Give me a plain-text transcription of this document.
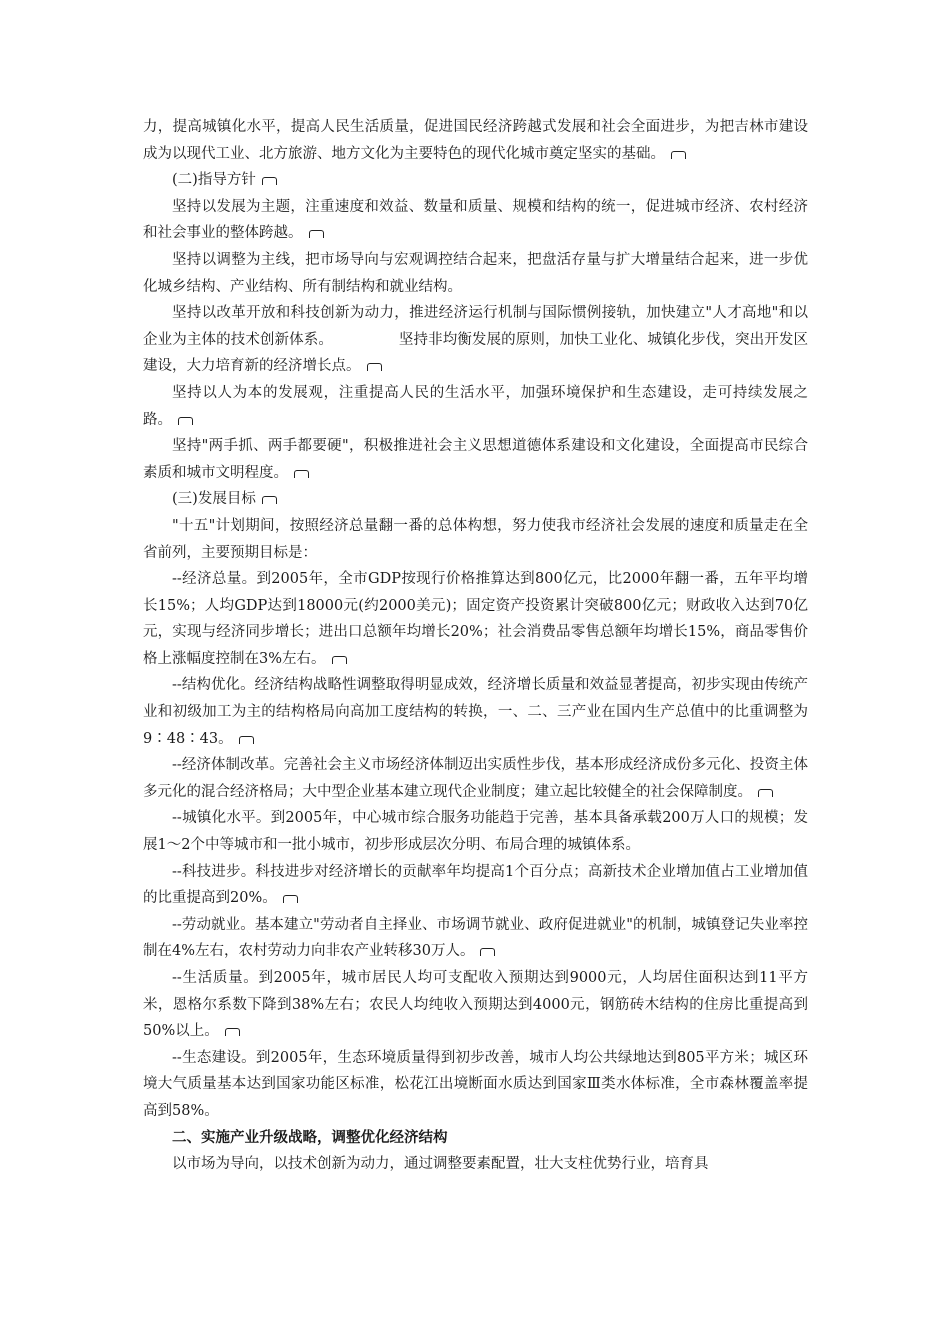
力，提高城镇化水平，提高人民生活质量，促进国民经济跨越式发展和社会全面进步，为把吉林市建设成为以现代工业、北方旅游、地方文化为主要特色的现代化城市奠定坚实的基础。

(二)指导方针

坚持以发展为主题，注重速度和效益、数量和质量、规模和结构的统一，促进城市经济、农村经济和社会事业的整体跨越。

坚持以调整为主线，把市场导向与宏观调控结合起来，把盘活存量与扩大增量结合起来，进一步优化城乡结构、产业结构、所有制结构和就业结构。

坚持以改革开放和科技创新为动力，推进经济运行机制与国际惯例接轨，加快建立"人才高地"和以企业为主体的技术创新体系。　　　　　坚持非均衡发展的原则，加快工业化、城镇化步伐，突出开发区建设，大力培育新的经济增长点。

坚持以人为本的发展观，注重提高人民的生活水平，加强环境保护和生态建设，走可持续发展之路。

坚持"两手抓、两手都要硬"，积极推进社会主义思想道德体系建设和文化建设，全面提高市民综合素质和城市文明程度。

(三)发展目标

"十五"计划期间，按照经济总量翻一番的总体构想，努力使我市经济社会发展的速度和质量走在全省前列，主要预期目标是：

--经济总量。到2005年，全市GDP按现行价格推算达到800亿元，比2000年翻一番，五年平均增长15%；人均GDP达到18000元(约2000美元)；固定资产投资累计突破800亿元；财政收入达到70亿元，实现与经济同步增长；进出口总额年均增长20%；社会消费品零售总额年均增长15%，商品零售价格上涨幅度控制在3%左右。

--结构优化。经济结构战略性调整取得明显成效，经济增长质量和效益显著提高，初步实现由传统产业和初级加工为主的结构格局向高加工度结构的转换，一、二、三产业在国内生产总值中的比重调整为9∶48∶43。

--经济体制改革。完善社会主义市场经济体制迈出实质性步伐，基本形成经济成份多元化、投资主体多元化的混合经济格局；大中型企业基本建立现代企业制度；建立起比较健全的社会保障制度。

--城镇化水平。到2005年，中心城市综合服务功能趋于完善，基本具备承载200万人口的规模；发展1～2个中等城市和一批小城市，初步形成层次分明、布局合理的城镇体系。

--科技进步。科技进步对经济增长的贡献率年均提高1个百分点；高新技术企业增加值占工业增加值的比重提高到20%。

--劳动就业。基本建立"劳动者自主择业、市场调节就业、政府促进就业"的机制，城镇登记失业率控制在4%左右，农村劳动力向非农产业转移30万人。

--生活质量。到2005年，城市居民人均可支配收入预期达到9000元，人均居住面积达到11平方米，恩格尔系数下降到38%左右；农民人均纯收入预期达到4000元，钢筋砖木结构的住房比重提高到50%以上。

--生态建设。到2005年，生态环境质量得到初步改善，城市人均公共绿地达到805平方米；城区环境大气质量基本达到国家功能区标准，松花江出境断面水质达到国家Ⅲ类水体标准，全市森林覆盖率提高到58%。

二、实施产业升级战略，调整优化经济结构

以市场为导向，以技术创新为动力，通过调整要素配置，壮大支柱优势行业，培育具
